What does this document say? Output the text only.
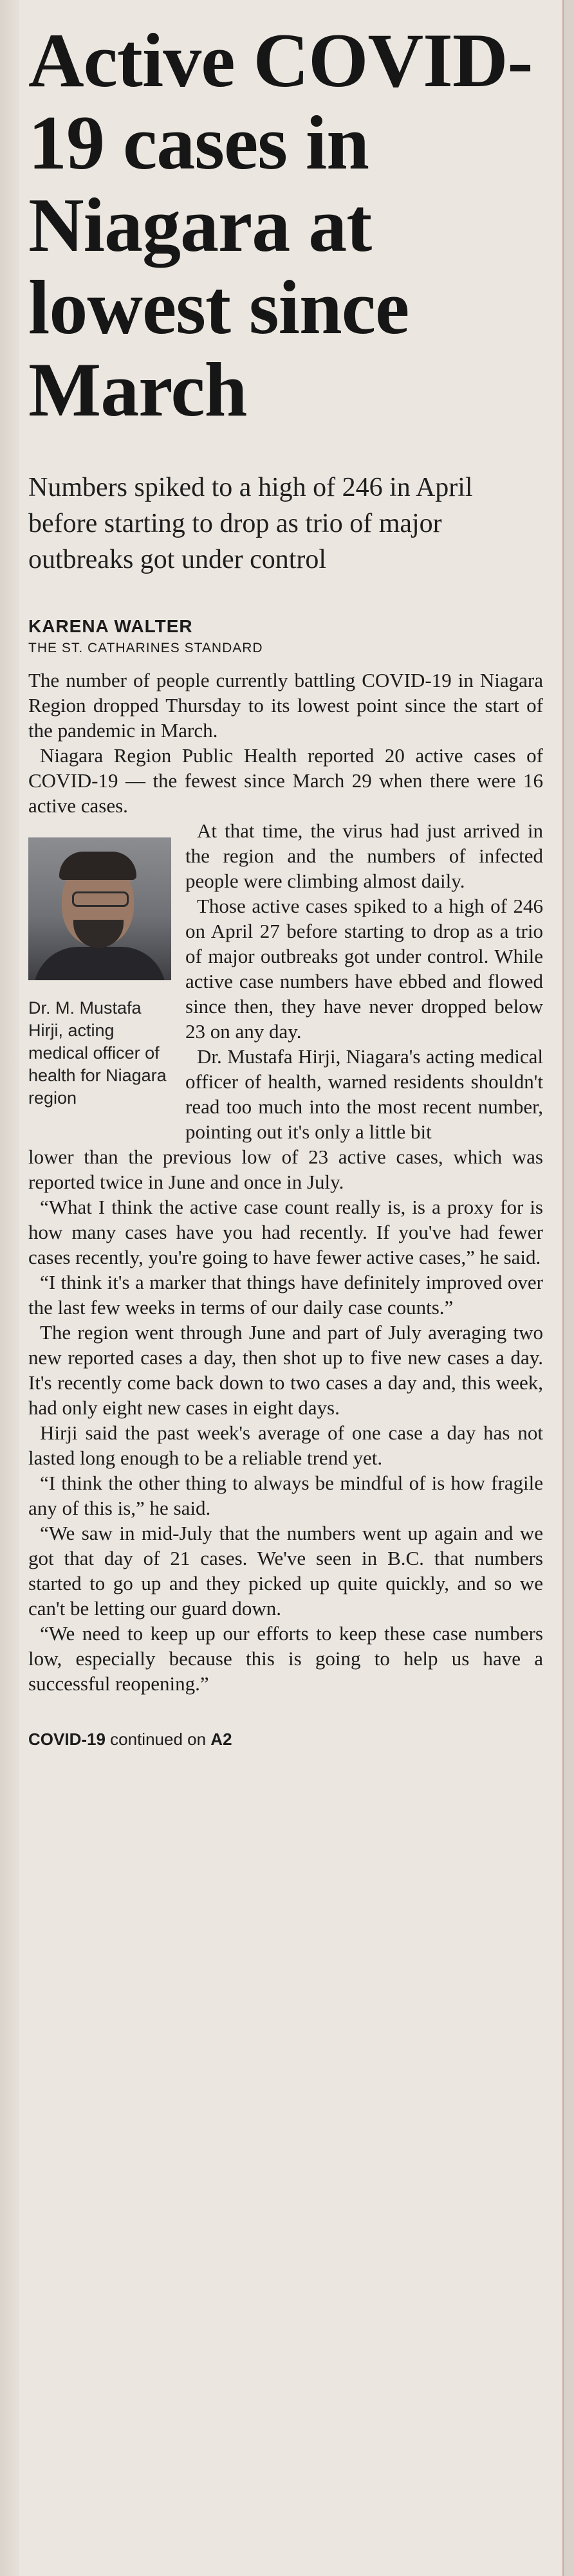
Active COVID-19 cases in Niagara at lowest since March

Numbers spiked to a high of 246 in April before starting to drop as trio of major outbreaks got under control

KARENA WALTER
THE ST. CATHARINES STANDARD

The number of people currently battling COVID-19 in Niagara Region dropped Thursday to its lowest point since the start of the pandemic in March.

Niagara Region Public Health reported 20 active cases of COVID-19 — the fewest since March 29 when there were 16 active cases.

Dr. M. Mustafa Hirji, acting medical officer of health for Niagara region

At that time, the virus had just arrived in the region and the numbers of infected people were climbing almost daily.

Those active cases spiked to a high of 246 on April 27 before starting to drop as a trio of major outbreaks got under control. While active case numbers have ebbed and flowed since then, they have never dropped below 23 on any day.

Dr. Mustafa Hirji, Niagara's acting medical officer of health, warned residents shouldn't read too much into the most recent number, pointing out it's only a little bit

lower than the previous low of 23 active cases, which was reported twice in June and once in July.

“What I think the active case count really is, is a proxy for is how many cases have you had recently. If you've had fewer cases recently, you're going to have fewer active cases,” he said.

“I think it's a marker that things have definitely improved over the last few weeks in terms of our daily case counts.”

The region went through June and part of July averaging two new reported cases a day, then shot up to five new cases a day. It's recently come back down to two cases a day and, this week, had only eight new cases in eight days.

Hirji said the past week's average of one case a day has not lasted long enough to be a reliable trend yet.

“I think the other thing to always be mindful of is how fragile any of this is,” he said.

“We saw in mid-July that the numbers went up again and we got that day of 21 cases. We've seen in B.C. that numbers started to go up and they picked up quite quickly, and so we can't be letting our guard down.

“We need to keep up our efforts to keep these case numbers low, especially because this is going to help us have a successful reopening.”

COVID-19 continued on A2
